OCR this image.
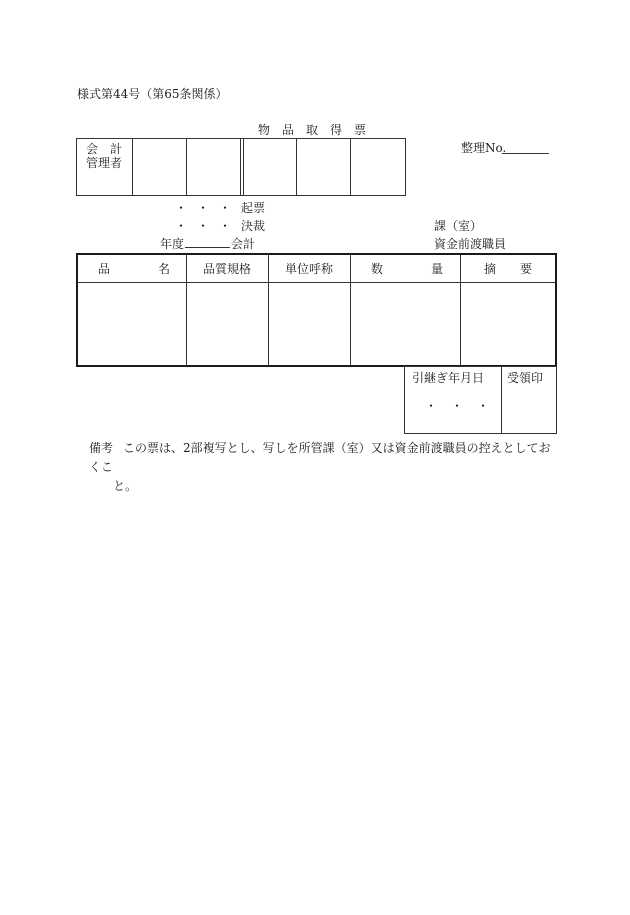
様式第44号（第65条関係）
物品取得票
整理No.
会　計
管理者
・・・起票
・・・決裁	課（室）
年度	会計	資金前渡職員
品　　　　名	品質規格	単位呼称	数　　　　量	摘　　要
引継ぎ年月日 受領印
・・・
備考 この票は、2部複写とし、写しを所管課（室）又は資金前渡職員の控えとしておくこ
と。
